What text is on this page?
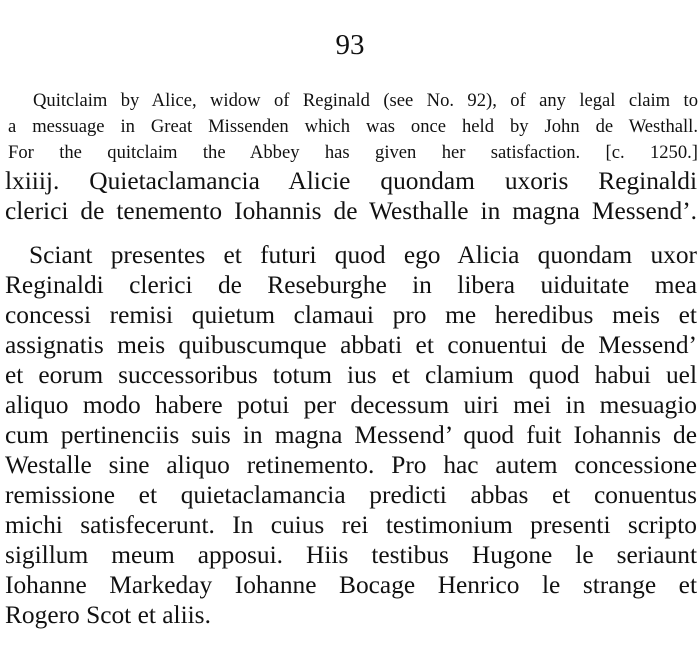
93
Quitclaim by Alice, widow of Reginald (see No. 92), of any legal claim to
a messuage in Great Missenden which was once held by John de Westhall.
For the quitclaim the Abbey has given her satisfaction. [c. 1250.]
lxiiij. Quietaclamancia Alicie quondam uxoris Reginaldi
clerici de tenemento Iohannis de Westhalle in magna Messend’.
Sciant presentes et futuri quod ego Alicia quondam uxor
Reginaldi clerici de Reseburghe in libera uiduitate mea
concessi remisi quietum clamaui pro me heredibus meis et
assignatis meis quibuscumque abbati et conuentui de Messend’
et eorum successoribus totum ius et clamium quod habui uel
aliquo modo habere potui per decessum uiri mei in mesuagio
cum pertinenciis suis in magna Messend’ quod fuit Iohannis de
Westalle sine aliquo retinemento. Pro hac autem concessione
remissione et quietaclamancia predicti abbas et conuentus
michi satisfecerunt. In cuius rei testimonium presenti scripto
sigillum meum apposui. Hiis testibus Hugone le seriaunt
Iohanne Markeday Iohanne Bocage Henrico le strange et
Rogero Scot et aliis.
